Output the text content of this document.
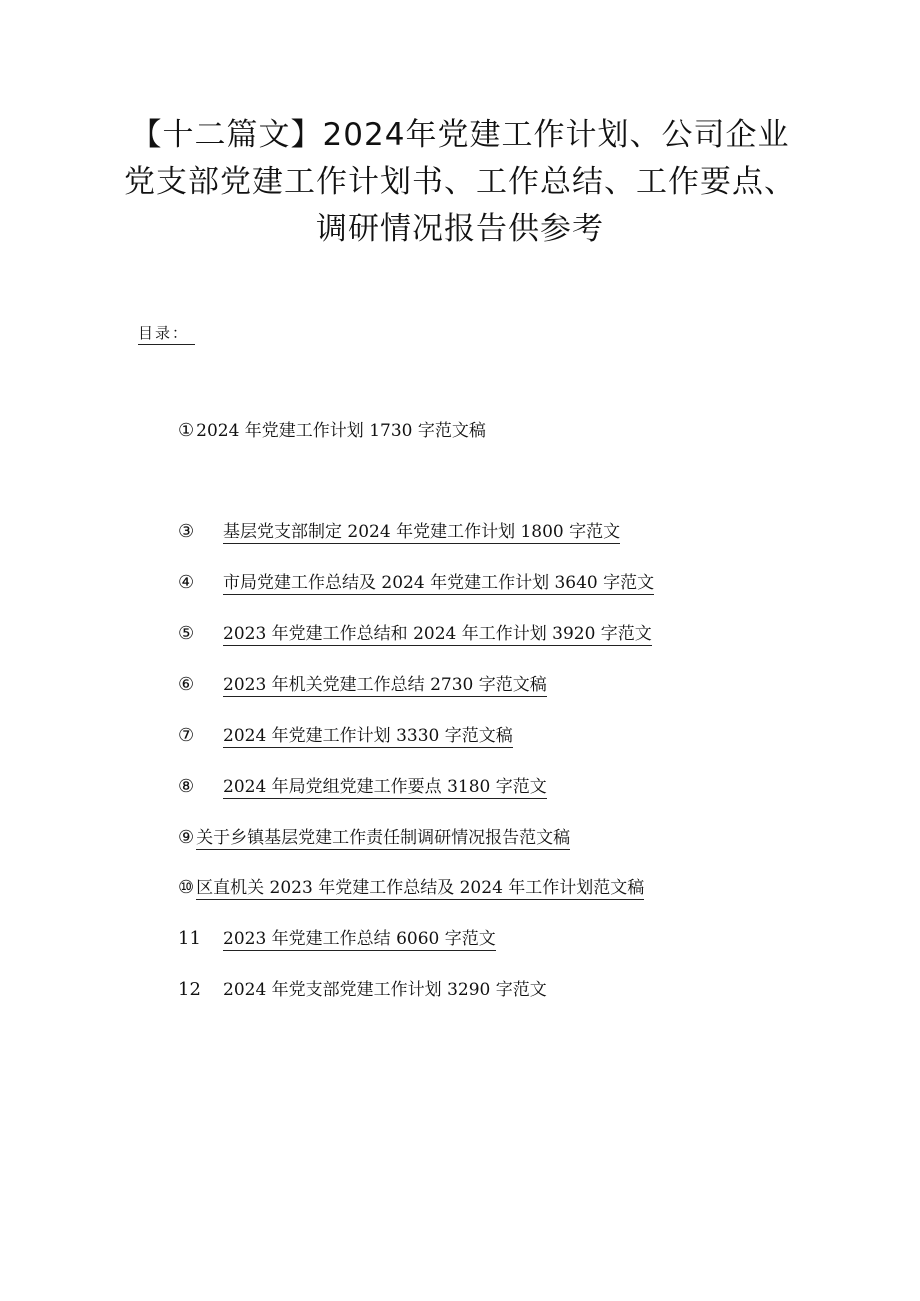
【十二篇文】2024年党建工作计划、公司企业党支部党建工作计划书、工作总结、工作要点、调研情况报告供参考
目录：
① 2024 年党建工作计划 1730 字范文稿
③	基层党支部制定 2024 年党建工作计划 1800 字范文
④	市局党建工作总结及 2024 年党建工作计划 3640 字范文
⑤	2023 年党建工作总结和 2024 年工作计划 3920 字范文
⑥	2023 年机关党建工作总结 2730 字范文稿
⑦	2024 年党建工作计划 3330 字范文稿
⑧	2024 年局党组党建工作要点 3180 字范文
⑨ 关于乡镇基层党建工作责任制调研情况报告范文稿
⑩ 区直机关 2023 年党建工作总结及 2024 年工作计划范文稿
11	2023 年党建工作总结 6060 字范文
12	2024 年党支部党建工作计划 3290 字范文
